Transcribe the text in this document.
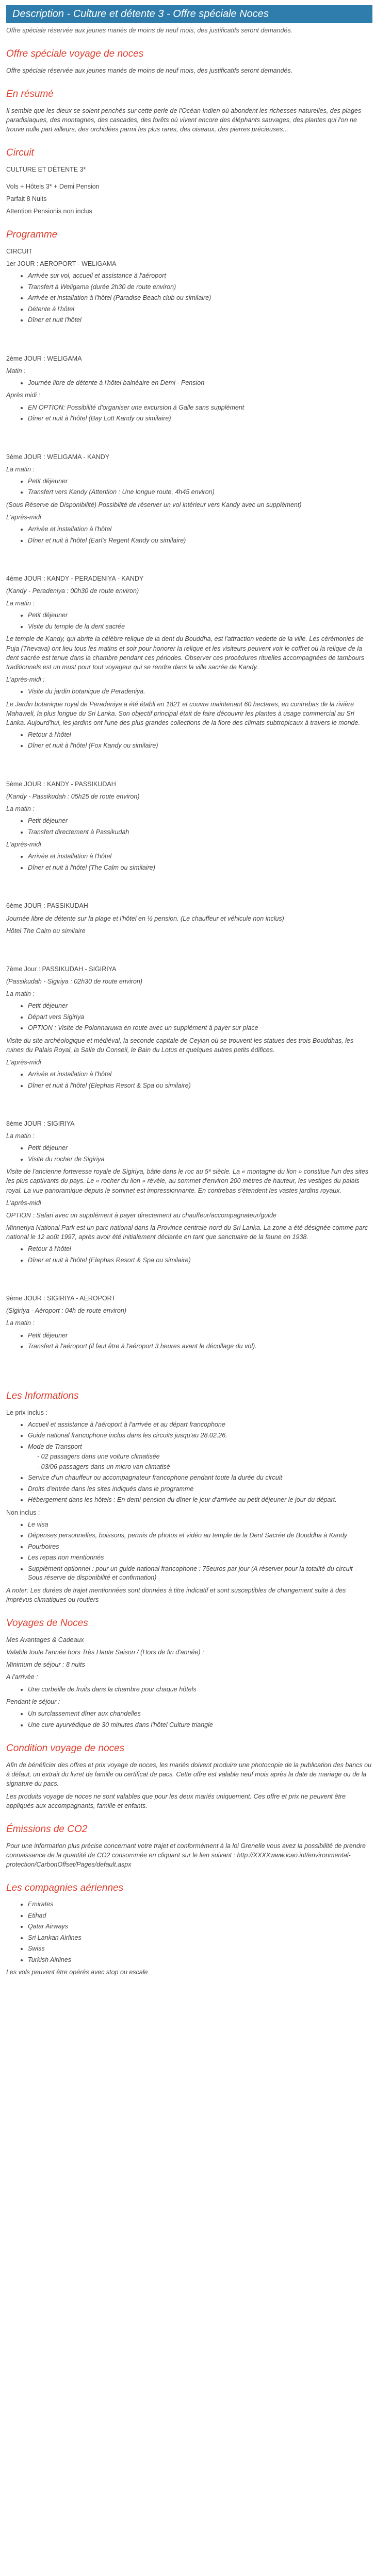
Description - Culture et détente 3 - Offre spéciale Noces

Offre spéciale réservée aux jeunes mariés de moins de neuf mois, des justificatifs seront demandés.

Offre spéciale voyage de noces

Offre spéciale réservée aux jeunes mariés de moins de neuf mois, des justificatifs seront demandés.

En résumé

Il semble que les dieux se soient penchés sur cette perle de l'Océan Indien où abondent les richesses naturelles, des plages paradisiaques, des montagnes, des cascades, des forêts où vivent encore des éléphants sauvages, des plantes qui l'on ne trouve nulle part ailleurs, des orchidées parmi les plus rares, des oiseaux, des pierres précieuses...

Circuit

CULTURE ET DÉTENTE 3*

Vols + Hôtels 3* + Demi Pension

Parfait 8 Nuits

Attention Pensionis non inclus

Programme

CIRCUIT

1er JOUR : AEROPORT - WELIGAMA

• Arrivée sur vol, accueil et assistance à l'aéroport
• Transfert à Weligama (durée 2h30 de route environ)
• Arrivée et installation à l'hôtel (Paradise Beach club ou similaire)
• Détente à l'hôtel
• Dîner et nuit l'hôtel

2ème JOUR : WELIGAMA

Matin :

• Journée libre de détente à l'hôtel balnéaire en Demi - Pension

Après midi :

• EN OPTION: Possibilité d'organiser une excursion à Galle sans supplément
• Dîner et nuit à l'hôtel (Bay Lott Kandy ou similaire)

3ème JOUR : WELIGAMA - KANDY

La matin :

• Petit déjeuner
• Transfert vers Kandy (Attention : Une longue route, 4h45 environ)

(Sous Réserve de Disponibilité) Possibilité de réserver un vol intérieur vers Kandy avec un supplément)

L'après-midi

• Arrivée et installation à l'hôtel
• Dîner et nuit à l'hôtel (Earl's Regent Kandy ou similaire)

4ème JOUR : KANDY - PERADENIYA - KANDY

(Kandy - Peradeniya : 00h30 de route environ)

La matin :

• Petit déjeuner
• Visite du temple de la dent sacrée

Le temple de Kandy, qui abrite la célèbre relique de la dent du Bouddha, est l'attraction vedette de la ville. Les cérémonies de Puja (Thevava) ont lieu tous les matins et soir pour honorer la relique et les visiteurs peuvent voir le coffret où la relique de la dent sacrée est tenue dans la chambre pendant ces périodes. Observer ces procédures rituelles accompagnées de tambours traditionnels est un must pour tout voyageur qui se rendra dans la ville sacrée de Kandy.

L'après-midi :

• Visite du jardin botanique de Peradeniya.

Le Jardin botanique royal de Peradeniya a été établi en 1821 et couvre maintenant 60 hectares, en contrebas de la rivière Mahaweli, la plus longue du Sri Lanka. Son objectif principal était de faire découvrir les plantes à usage commercial au Sri Lanka. Aujourd'hui, les jardins ont l'une des plus grandes collections de la flore des climats subtropicaux à travers le monde.

• Retour à l'hôtel
• Dîner et nuit à l'hôtel (Fox Kandy ou similaire)

5ème JOUR : KANDY - PASSIKUDAH

(Kandy - Passikudah : 05h25 de route environ)

La matin :

• Petit déjeuner
• Transfert directement à Passikudah

L'après-midi

• Arrivée et installation à l'hôtel
• Dîner et nuit à l'hôtel (The Calm ou similaire)

6ème JOUR : PASSIKUDAH

Journée libre de détente sur la plage et l'hôtel en ½ pension. (Le chauffeur et véhicule non inclus)

Hôtel The Calm ou similaire

7ème Jour : PASSIKUDAH - SIGIRIYA

(Passikudah - Sigiriya : 02h30 de route environ)

La matin :

• Petit déjeuner
• Départ vers Sigiriya
• OPTION : Visite de Polonnaruwa en route avec un supplément à payer sur place

Visite du site archéologique et médiéval, la seconde capitale de Ceylan où se trouvent les statues des trois Bouddhas, les ruines du Palais Royal, la Salle du Conseil, le Bain du Lotus et quelques autres petits édifices.

L'après-midi

• Arrivée et installation à l'hôtel
• Dîner et nuit à l'hôtel (Elephas Resort & Spa ou similaire)

8ème JOUR : SIGIRIYA

La matin :

• Petit déjeuner
• Visite du rocher de Sigiriya

Visite de l'ancienne forteresse royale de Sigiriya, bâtie dans le roc au 5ᵉ siècle. La « montagne du lion » constitue l'un des sites les plus captivants du pays. Le « rocher du lion » révèle, au sommet d'environ 200 mètres de hauteur, les vestiges du palais royal. La vue panoramique depuis le sommet est impressionnante. En contrebas s'étendent les vastes jardins royaux.

L'après-midi

OPTION : Safari avec un supplément à payer directement au chauffeur/accompagnateur/guide

Minneriya National Park est un parc national dans la Province centrale-nord du Sri Lanka. La zone a été désignée comme parc national le 12 août 1997, après avoir été initialement déclarée en tant que sanctuaire de la faune en 1938.

• Retour à l'hôtel
• Dîner et nuit à l'hôtel (Elephas Resort & Spa ou similaire)

9ème JOUR : SIGIRIYA - AEROPORT

(Sigiriya - Aéroport : 04h de route environ)

La matin :

• Petit déjeuner
• Transfert à l'aéroport (il faut être à l'aéroport 3 heures avant le décollage du vol).
Les Informations

Le prix inclus :

• Accueil et assistance à l'aéroport à l'arrivée et au départ francophone
• Guide national francophone inclus dans les circuits jusqu'au 28.02.26.
• Mode de Transport
- 02 passagers dans une voiture climatisée
- 03/06 passagers dans un micro van climatisé
• Service d'un chauffeur ou accompagnateur francophone pendant toute la durée du circuit
• Droits d'entrée dans les sites indiqués dans le programme
• Hébergement dans les hôtels : En demi-pension du dîner le jour d'arrivée au petit déjeuner le jour du départ.

Non inclus :

• Le visa
• Dépenses personnelles, boissons, permis de photos et vidéo au temple de la Dent Sacrée de Bouddha à Kandy
• Pourboires
• Les repas non mentionnés
• Supplément optionnel : pour un guide national francophone : 75euros par jour (A réserver pour la totalité du circuit - Sous réserve de disponibilité et confirmation)

A noter: Les durées de trajet mentionnées sont données à titre indicatif et sont susceptibles de changement suite à des imprévus climatiques ou routiers

Voyages de Noces

Mes Avantages & Cadeaux

Valable toute l'année hors Très Haute Saison / (Hors de fin d'année) :

Minimum de séjour : 8 nuits

A l'arrivée :

• Une corbeille de fruits dans la chambre pour chaque hôtels

Pendant le séjour :

• Un surclassement dîner aux chandelles
• Une cure ayurvédique de 30 minutes dans l'hôtel Culture triangle
Condition voyage de noces

Afin de bénéficier des offres et prix voyage de noces, les mariés doivent produire une photocopie de la publication des bancs ou à défaut, un extrait du livret de famille ou certificat de pacs. Cette offre est valable neuf mois après la date de mariage ou de la signature du pacs.

Les produits voyage de noces ne sont valables que pour les deux mariés uniquement. Ces offre et prix ne peuvent être appliqués aux accompagnants, famille et enfants.

Émissions de CO2

Pour une information plus précise concernant votre trajet et conformément à la loi Grenelle vous avez la possibilité de prendre connaissance de la quantité de CO2 consommée en cliquant sur le lien suivant : http://XXXXwww.icao.int/environmental-protection/CarbonOffset/Pages/default.aspx

Les compagnies aériennes
• Emirates
• Etihad
• Qatar Airways
• Sri Lankan Airlines
• Swiss
• Turkish Airlines

Les vols peuvent être opérés avec stop ou escale
